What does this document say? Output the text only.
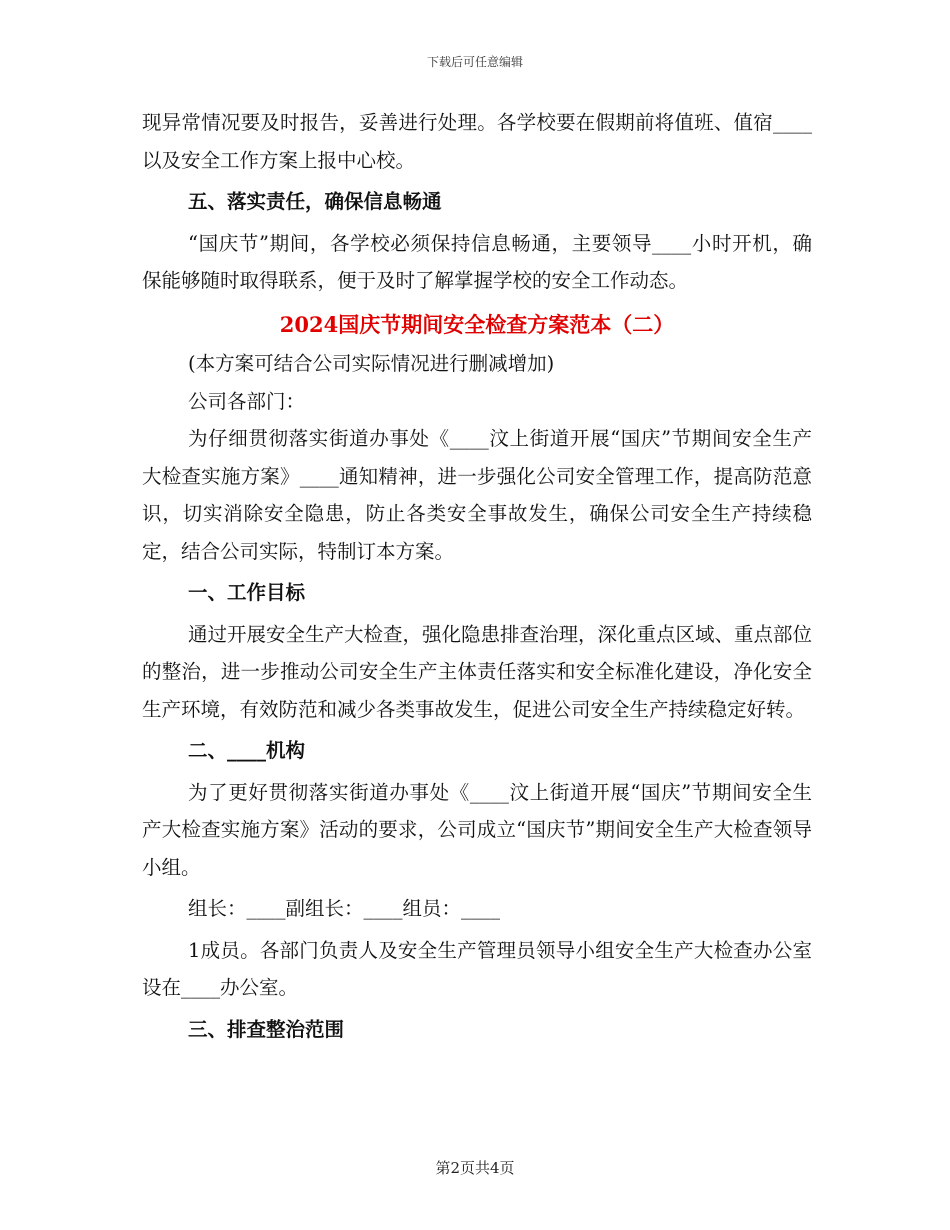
下载后可任意编辑

现异常情况要及时报告，妥善进行处理。各学校要在假期前将值班、值宿____以及安全工作方案上报中心校。

五、落实责任，确保信息畅通

“国庆节”期间，各学校必须保持信息畅通，主要领导____小时开机，确保能够随时取得联系，便于及时了解掌握学校的安全工作动态。

2024国庆节期间安全检查方案范本（二）

(本方案可结合公司实际情况进行删减增加)

公司各部门：

为仔细贯彻落实街道办事处《____汶上街道开展“国庆”节期间安全生产大检查实施方案》____通知精神，进一步强化公司安全管理工作，提高防范意识，切实消除安全隐患，防止各类安全事故发生，确保公司安全生产持续稳定，结合公司实际，特制订本方案。

一、工作目标

通过开展安全生产大检查，强化隐患排查治理，深化重点区域、重点部位的整治，进一步推动公司安全生产主体责任落实和安全标准化建设，净化安全生产环境，有效防范和减少各类事故发生，促进公司安全生产持续稳定好转。

二、____机构

为了更好贯彻落实街道办事处《____汶上街道开展“国庆”节期间安全生产大检查实施方案》活动的要求，公司成立“国庆节”期间安全生产大检查领导小组。

组长：____副组长：____组员：____

1成员。各部门负责人及安全生产管理员领导小组安全生产大检查办公室设在____办公室。

三、排查整治范围

第2页共4页
